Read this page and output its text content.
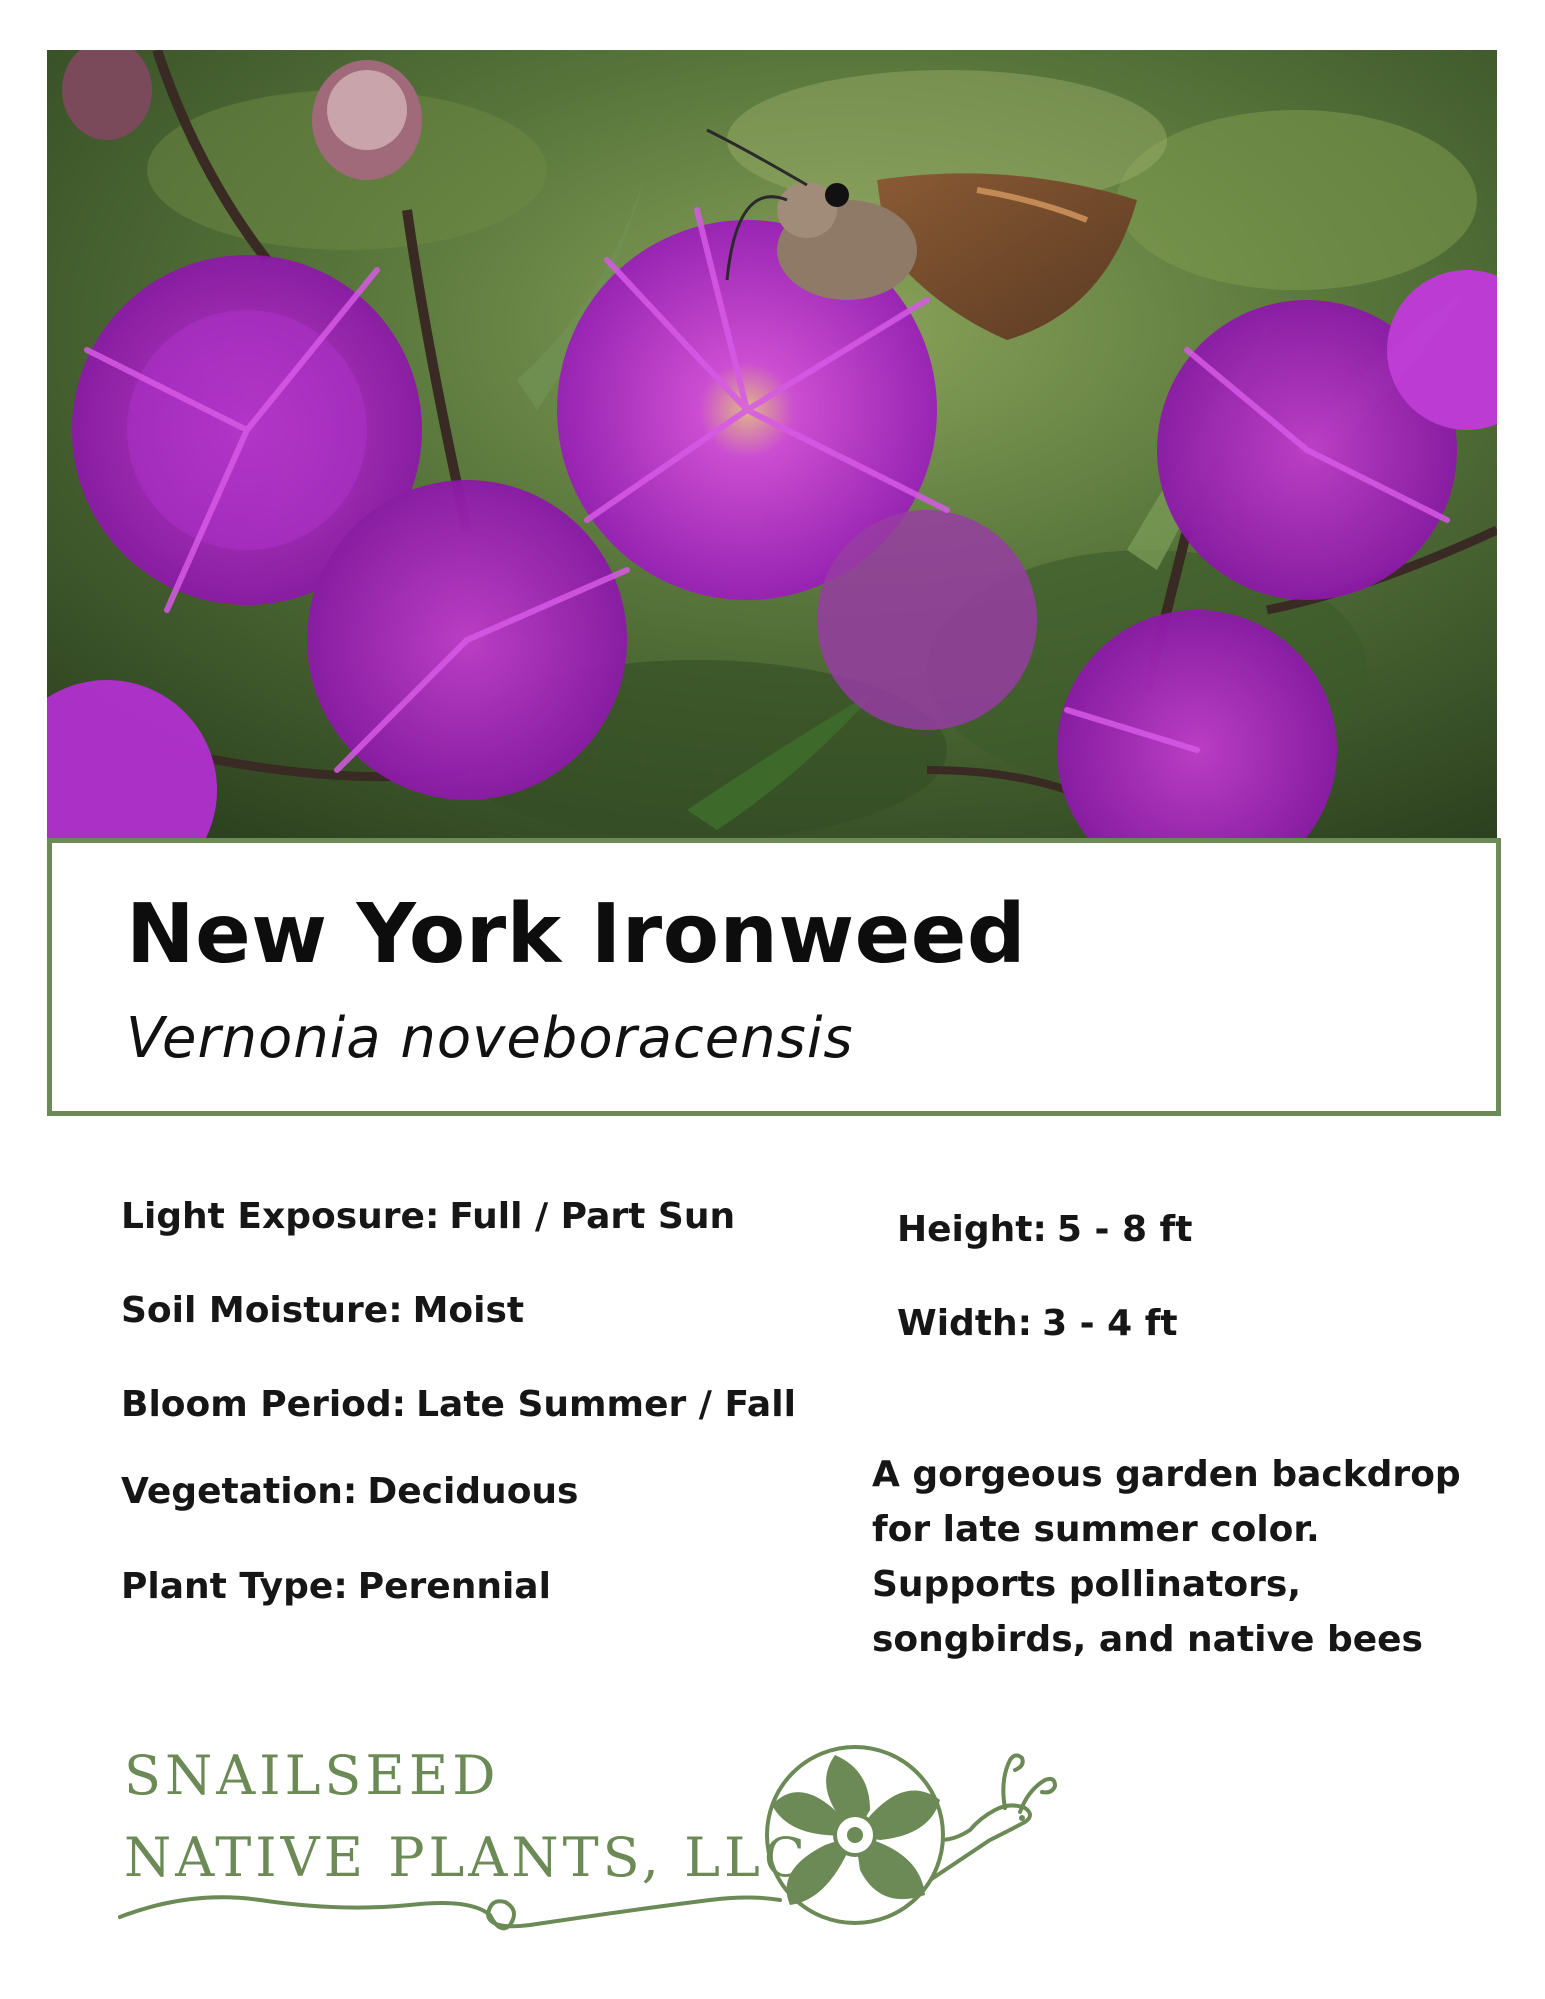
New York Ironweed
Vernonia noveboracensis
Light Exposure: Full / Part Sun
Soil Moisture: Moist
Bloom Period: Late Summer / Fall
Vegetation: Deciduous
Plant Type: Perennial
Height: 5 - 8 ft
Width: 3 - 4 ft
A gorgeous garden backdrop
for late summer color.
Supports pollinators,
songbirds, and native bees
SNAILSEED
NATIVE PLANTS, LLC
